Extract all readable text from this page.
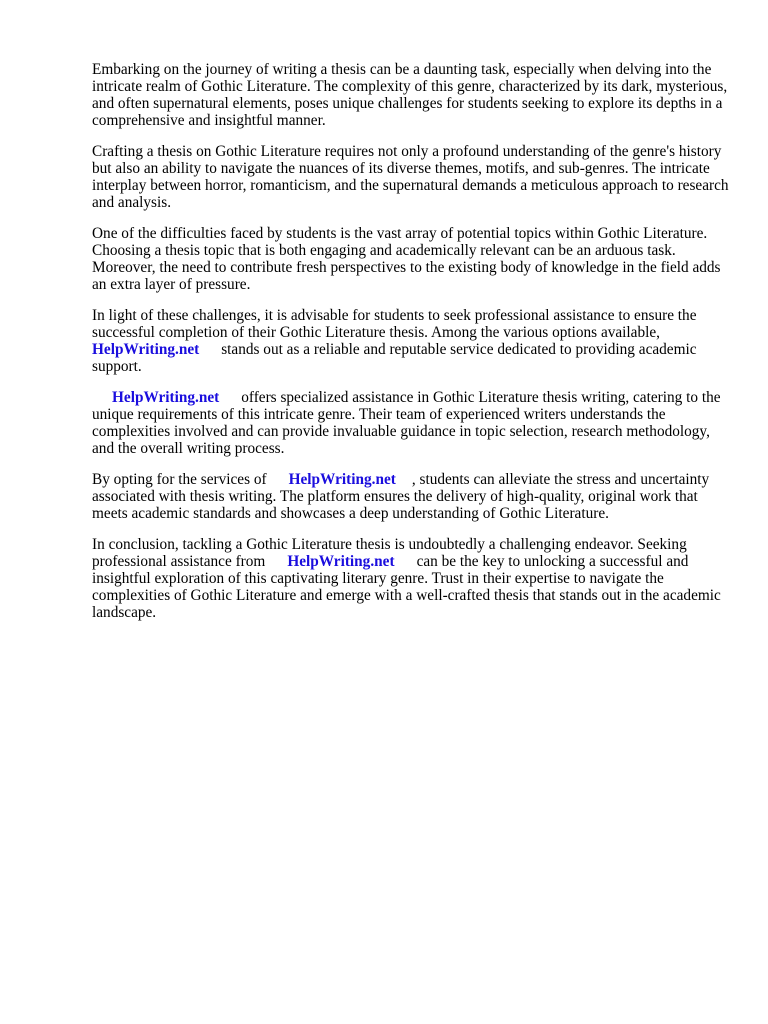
Embarking on the journey of writing a thesis can be a daunting task, especially when delving into the intricate realm of Gothic Literature. The complexity of this genre, characterized by its dark, mysterious, and often supernatural elements, poses unique challenges for students seeking to explore its depths in a comprehensive and insightful manner.

Crafting a thesis on Gothic Literature requires not only a profound understanding of the genre's history but also an ability to navigate the nuances of its diverse themes, motifs, and sub-genres. The intricate interplay between horror, romanticism, and the supernatural demands a meticulous approach to research and analysis.

One of the difficulties faced by students is the vast array of potential topics within Gothic Literature. Choosing a thesis topic that is both engaging and academically relevant can be an arduous task. Moreover, the need to contribute fresh perspectives to the existing body of knowledge in the field adds an extra layer of pressure.

In light of these challenges, it is advisable for students to seek professional assistance to ensure the successful completion of their Gothic Literature thesis. Among the various options available,
HelpWriting.net stands out as a reliable and reputable service dedicated to providing academic support.

HelpWriting.net offers specialized assistance in Gothic Literature thesis writing, catering to the unique requirements of this intricate genre. Their team of experienced writers understands the complexities involved and can provide invaluable guidance in topic selection, research methodology, and the overall writing process.

By opting for the services of HelpWriting.net , students can alleviate the stress and uncertainty associated with thesis writing. The platform ensures the delivery of high-quality, original work that meets academic standards and showcases a deep understanding of Gothic Literature.

In conclusion, tackling a Gothic Literature thesis is undoubtedly a challenging endeavor. Seeking professional assistance from HelpWriting.net can be the key to unlocking a successful and insightful exploration of this captivating literary genre. Trust in their expertise to navigate the complexities of Gothic Literature and emerge with a well-crafted thesis that stands out in the academic landscape.
